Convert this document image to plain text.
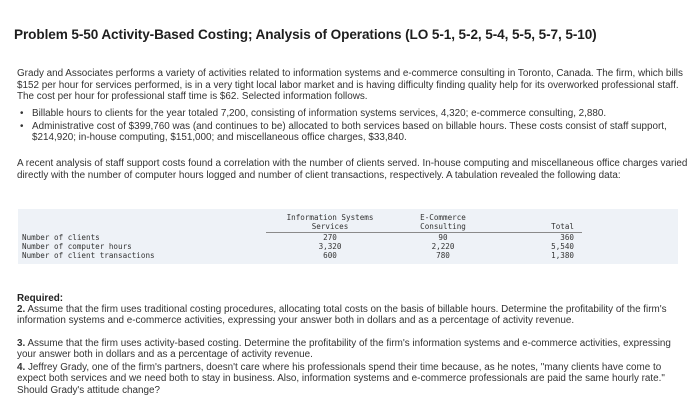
Problem 5-50 Activity-Based Costing; Analysis of Operations (LO 5-1, 5-2, 5-4, 5-5, 5-7, 5-10)
Grady and Associates performs a variety of activities related to information systems and e-commerce consulting in Toronto, Canada. The firm, which bills $152 per hour for services performed, is in a very tight local labor market and is having difficulty finding quality help for its overworked professional staff. The cost per hour for professional staff time is $62. Selected information follows.
• Billable hours to clients for the year totaled 7,200, consisting of information systems services, 4,320; e-commerce consulting, 2,880.
• Administrative cost of $399,760 was (and continues to be) allocated to both services based on billable hours. These costs consist of staff support, $214,920; in-house computing, $151,000; and miscellaneous office charges, $33,840.
A recent analysis of staff support costs found a correlation with the number of clients served. In-house computing and miscellaneous office charges varied directly with the number of computer hours logged and number of client transactions, respectively. A tabulation revealed the following data:
	Information Systems Services	E-Commerce Consulting	Total	
Number of clients	270	90	360	
Number of computer hours	3,320	2,220	5,540	
Number of client transactions	600	780	1,380	
Required:
2. Assume that the firm uses traditional costing procedures, allocating total costs on the basis of billable hours. Determine the profitability of the firm's information systems and e-commerce activities, expressing your answer both in dollars and as a percentage of activity revenue.
3. Assume that the firm uses activity-based costing. Determine the profitability of the firm's information systems and e-commerce activities, expressing your answer both in dollars and as a percentage of activity revenue.
4. Jeffrey Grady, one of the firm's partners, doesn't care where his professionals spend their time because, as he notes, "many clients have come to expect both services and we need both to stay in business. Also, information systems and e-commerce professionals are paid the same hourly rate." Should Grady's attitude change?
